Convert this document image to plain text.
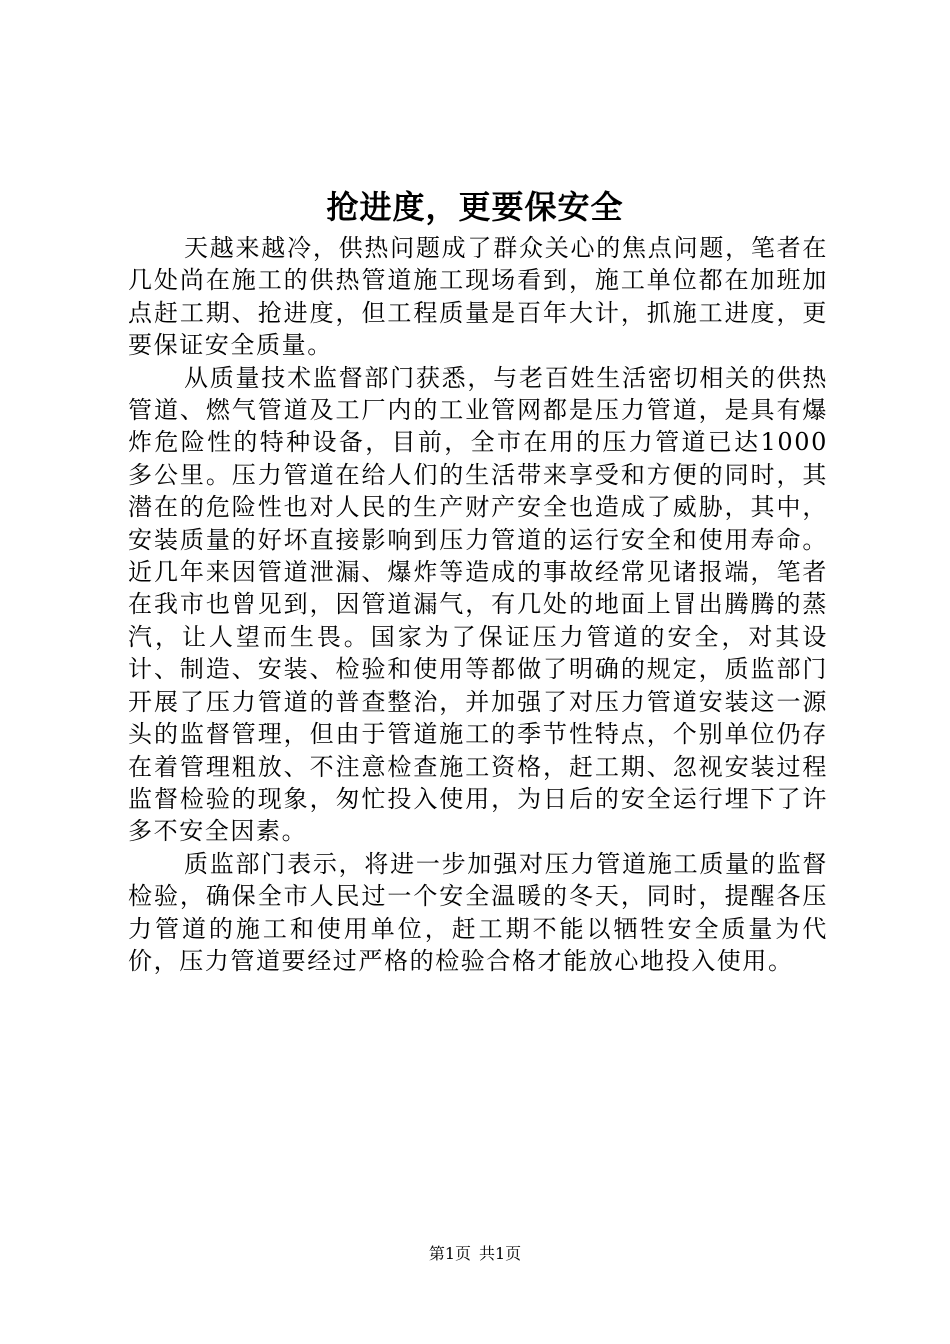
抢进度，更要保安全

天越来越冷，供热问题成了群众关心的焦点问题，笔者在几处尚在施工的供热管道施工现场看到，施工单位都在加班加点赶工期、抢进度，但工程质量是百年大计，抓施工进度，更要保证安全质量。

从质量技术监督部门获悉，与老百姓生活密切相关的供热管道、燃气管道及工厂内的工业管网都是压力管道，是具有爆炸危险性的特种设备，目前，全市在用的压力管道已达1000多公里。压力管道在给人们的生活带来享受和方便的同时，其潜在的危险性也对人民的生产财产安全也造成了威胁，其中，安装质量的好坏直接影响到压力管道的运行安全和使用寿命。近几年来因管道泄漏、爆炸等造成的事故经常见诸报端，笔者在我市也曾见到，因管道漏气，有几处的地面上冒出腾腾的蒸汽，让人望而生畏。国家为了保证压力管道的安全，对其设计、制造、安装、检验和使用等都做了明确的规定，质监部门开展了压力管道的普查整治，并加强了对压力管道安装这一源头的监督管理，但由于管道施工的季节性特点，个别单位仍存在着管理粗放、不注意检查施工资格，赶工期、忽视安装过程监督检验的现象，匆忙投入使用，为日后的安全运行埋下了许多不安全因素。

质监部门表示，将进一步加强对压力管道施工质量的监督检验，确保全市人民过一个安全温暖的冬天，同时，提醒各压力管道的施工和使用单位，赶工期不能以牺牲安全质量为代价，压力管道要经过严格的检验合格才能放心地投入使用。

第1页 共1页
